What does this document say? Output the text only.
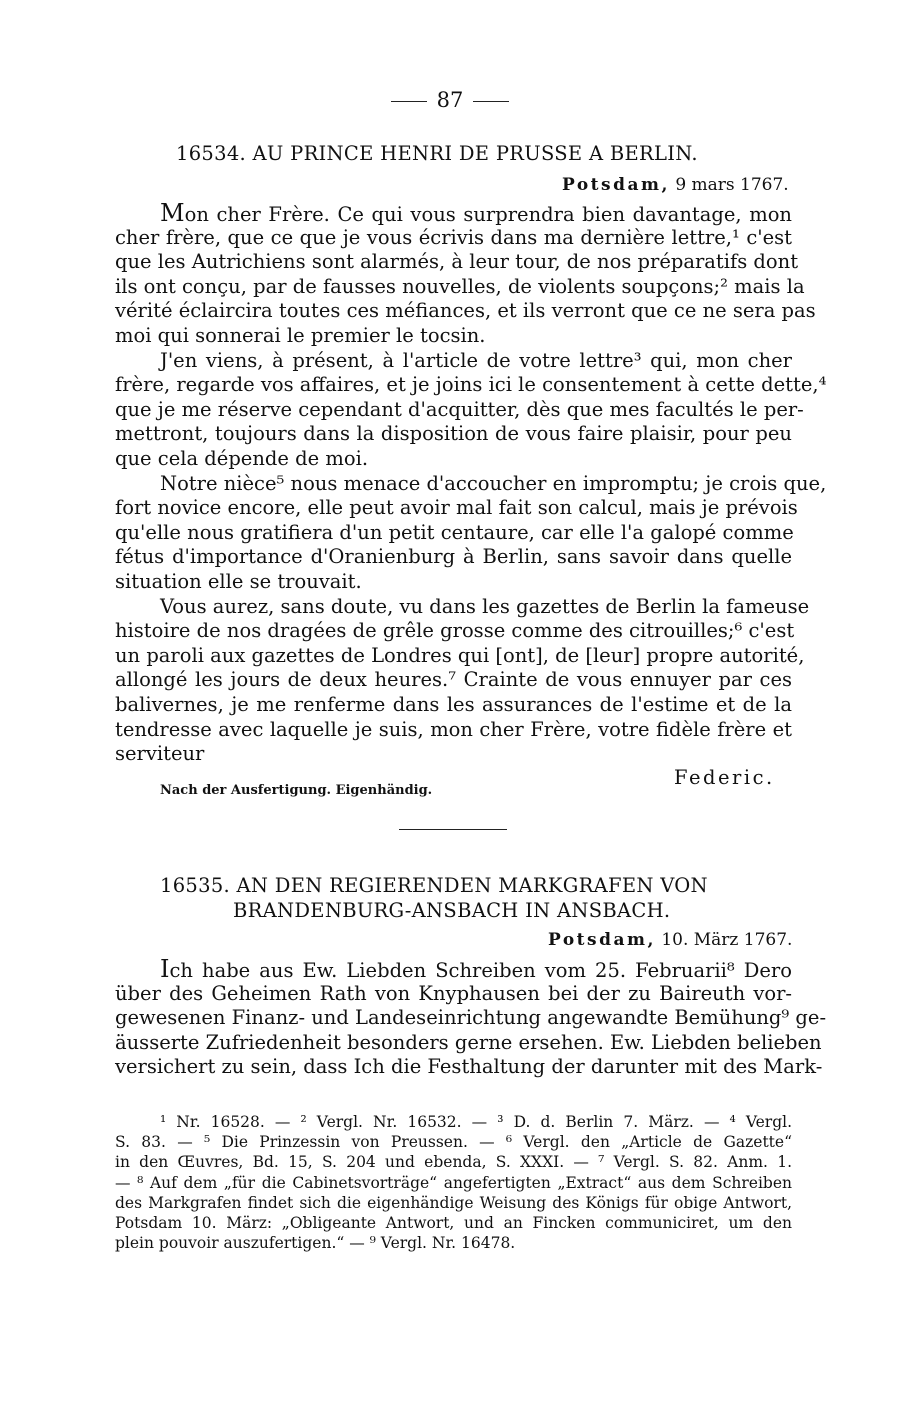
87
16534. AU PRINCE HENRI DE PRUSSE A BERLIN.
Potsdam, 9 mars 1767.
Mon cher Frère. Ce qui vous surprendra bien davantage, mon
cher frère, que ce que je vous écrivis dans ma dernière lettre,¹ c'est
que les Autrichiens sont alarmés, à leur tour, de nos préparatifs dont
ils ont conçu, par de fausses nouvelles, de violents soupçons;² mais la
vérité éclaircira toutes ces méfiances, et ils verront que ce ne sera pas
moi qui sonnerai le premier le tocsin.
J'en viens, à présent, à l'article de votre lettre³ qui, mon cher
frère, regarde vos affaires, et je joins ici le consentement à cette dette,⁴
que je me réserve cependant d'acquitter, dès que mes facultés le per-
mettront, toujours dans la disposition de vous faire plaisir, pour peu
que cela dépende de moi.
Notre nièce⁵ nous menace d'accoucher en impromptu; je crois que,
fort novice encore, elle peut avoir mal fait son calcul, mais je prévois
qu'elle nous gratifiera d'un petit centaure, car elle l'a galopé comme
fétus d'importance d'Oranienburg à Berlin, sans savoir dans quelle
situation elle se trouvait.
Vous aurez, sans doute, vu dans les gazettes de Berlin la fameuse
histoire de nos dragées de grêle grosse comme des citrouilles;⁶ c'est
un paroli aux gazettes de Londres qui [ont], de [leur] propre autorité,
allongé les jours de deux heures.⁷ Crainte de vous ennuyer par ces
balivernes, je me renferme dans les assurances de l'estime et de la
tendresse avec laquelle je suis, mon cher Frère, votre fidèle frère et
serviteur
Federic.
Nach der Ausfertigung. Eigenhändig.
16535. AN DEN REGIERENDEN MARKGRAFEN VON
BRANDENBURG-ANSBACH IN ANSBACH.
Potsdam, 10. März 1767.
Ich habe aus Ew. Liebden Schreiben vom 25. Februarii⁸ Dero
über des Geheimen Rath von Knyphausen bei der zu Baireuth vor-
gewesenen Finanz- und Landeseinrichtung angewandte Bemühung⁹ ge-
äusserte Zufriedenheit besonders gerne ersehen. Ew. Liebden belieben
versichert zu sein, dass Ich die Festhaltung der darunter mit des Mark-
¹ Nr. 16528. — ² Vergl. Nr. 16532. — ³ D. d. Berlin 7. März. — ⁴ Vergl.
S. 83. — ⁵ Die Prinzessin von Preussen. — ⁶ Vergl. den „Article de Gazette“
in den Œuvres, Bd. 15, S. 204 und ebenda, S. XXXI. — ⁷ Vergl. S. 82. Anm. 1.
— ⁸ Auf dem „für die Cabinetsvorträge“ angefertigten „Extract“ aus dem Schreiben
des Markgrafen findet sich die eigenhändige Weisung des Königs für obige Antwort,
Potsdam 10. März: „Obligeante Antwort, und an Fincken communiciret, um den
plein pouvoir auszufertigen.“ — ⁹ Vergl. Nr. 16478.
